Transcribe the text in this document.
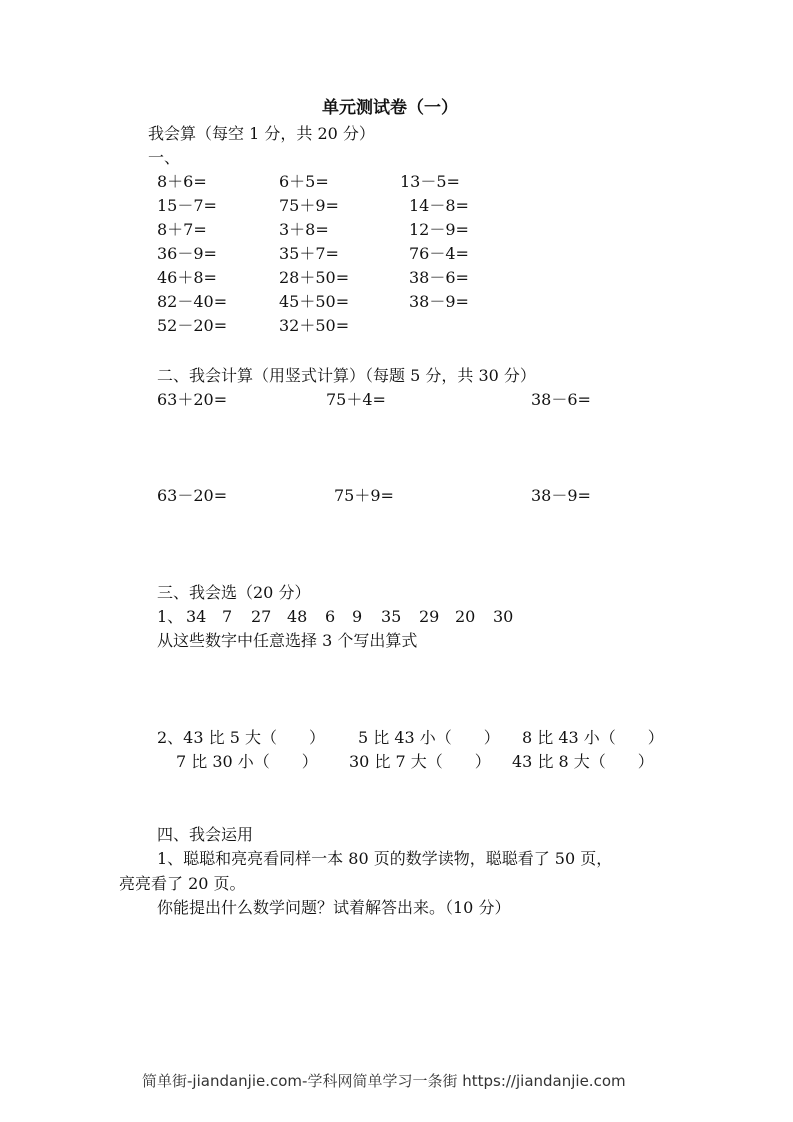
单元测试卷（一）
我会算（每空 1 分，共 20 分）
一、
8＋6=	6＋5=	13－5=
15－7=	75＋9=	14－8=
8＋7=	3＋8=	12－9=
36－9=	35＋7=	76－4=
46＋8=	28＋50=	38－6=
82－40=	45＋50=	38－9=
52－20=	32＋50=
二、我会计算（用竖式计算）（每题 5 分，共 30 分）
63＋20=	75＋4=	38－6=
63－20=	75＋9=	38－9=
三、我会选（20 分）
1、 34 7 27 48 6 9 35 29 20 30
从这些数字中任意选择 3 个写出算式
2、43 比 5 大（　　） 5 比 43 小（　　） 8 比 43 小（　　）
7 比 30 小（　　） 30 比 7 大（　　） 43 比 8 大（　　）
四、我会运用
1、聪聪和亮亮看同样一本 80 页的数学读物，聪聪看了 50 页，
亮亮看了 20 页。
你能提出什么数学问题？试着解答出来。（10 分）
简单街-jiandanjie.com-学科网简单学习一条街 https://jiandanjie.com
